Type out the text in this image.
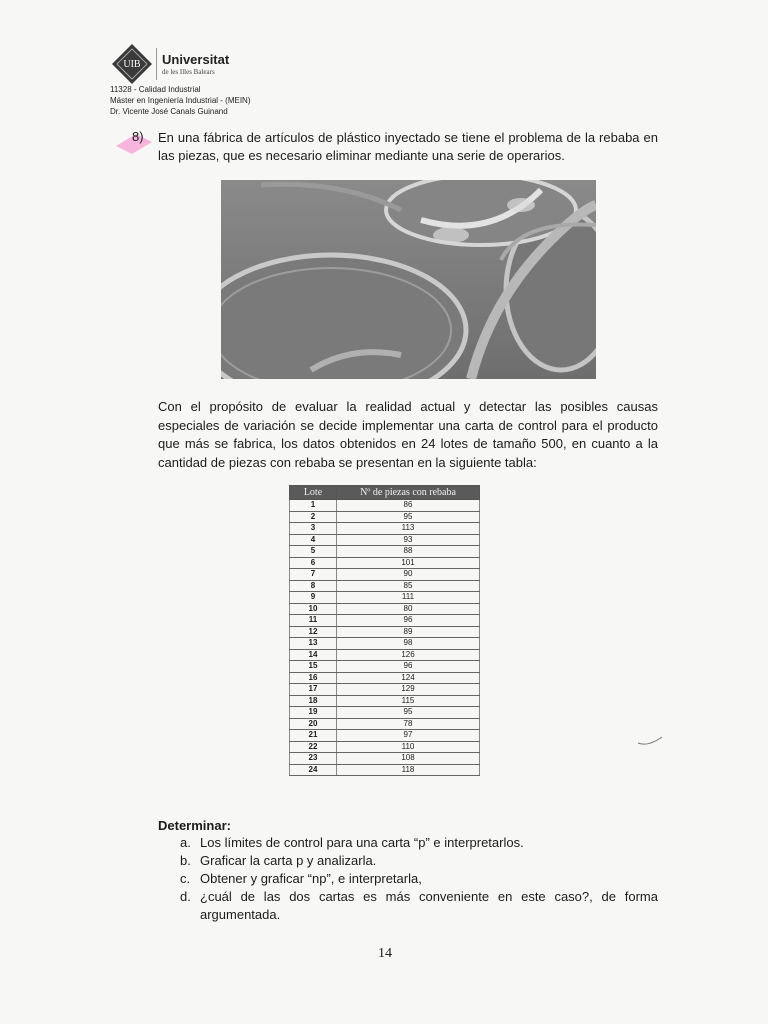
UIB Universitat
de les Illes Balears
11328 - Calidad Industrial
Máster en Ingeniería Industrial - (MEIN)
Dr. Vicente José Canals Guinand
8) En una fábrica de artículos de plástico inyectado se tiene el problema de la rebaba en las piezas, que es necesario eliminar mediante una serie de operarios.
Con el propósito de evaluar la realidad actual y detectar las posibles causas especiales de variación se decide implementar una carta de control para el producto que más se fabrica, los datos obtenidos en 24 lotes de tamaño 500, en cuanto a la cantidad de piezas con rebaba se presentan en la siguiente tabla:
Lote	Nº de piezas con rebaba
1	86
2	95
3	113
4	93
5	88
6	101
7	90
8	85
9	111
10	80
11	96
12	89
13	98
14	126
15	96
16	124
17	129
18	115
19	95
20	78
21	97
22	110
23	108
24	118
Determinar:
a. Los límites de control para una carta “p” e interpretarlos.
b. Graficar la carta p y analizarla.
c. Obtener y graficar “np”, e interpretarla,
d. ¿cuál de las dos cartas es más conveniente en este caso?, de forma argumentada.
14
